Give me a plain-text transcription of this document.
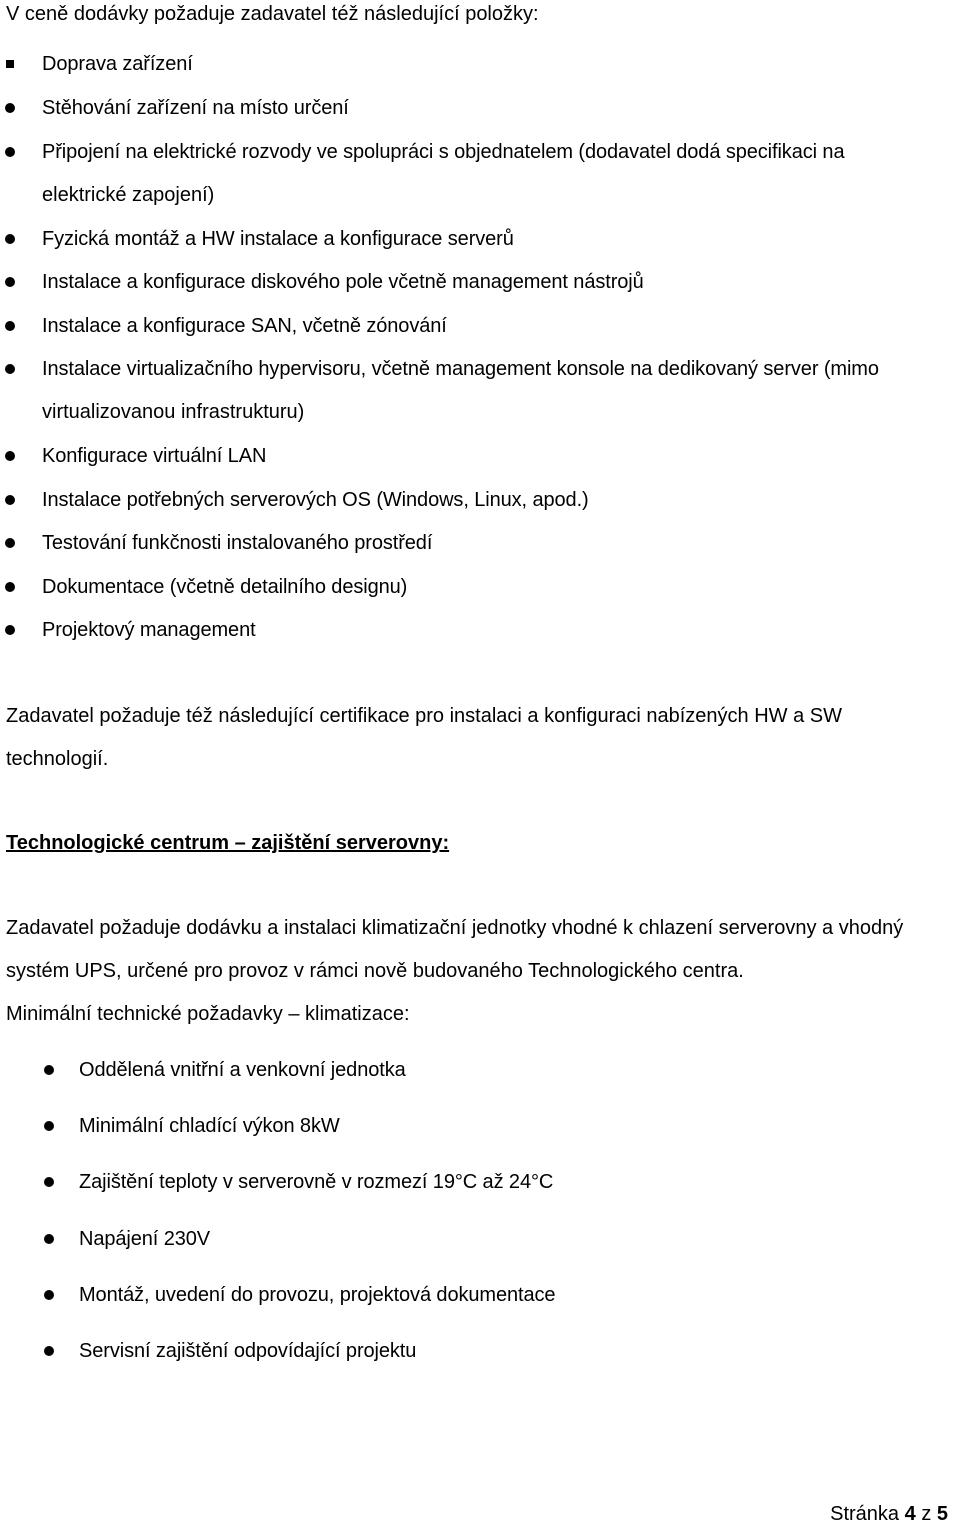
V ceně dodávky požaduje zadavatel též následující položky:
Doprava zařízení
Stěhování zařízení na místo určení
Připojení na elektrické rozvody ve spolupráci s objednatelem (dodavatel dodá specifikaci na
elektrické zapojení)
Fyzická montáž a HW instalace a konfigurace serverů
Instalace a konfigurace diskového pole včetně management nástrojů
Instalace a konfigurace SAN, včetně zónování
Instalace virtualizačního hypervisoru, včetně management konsole na dedikovaný server (mimo
virtualizovanou infrastrukturu)
Konfigurace virtuální LAN
Instalace potřebných serverových OS (Windows, Linux, apod.)
Testování funkčnosti instalovaného prostředí
Dokumentace (včetně detailního designu)
Projektový management
Zadavatel požaduje též následující certifikace pro instalaci a konfiguraci nabízených HW a SW
technologií.
Technologické centrum – zajištění serverovny:
Zadavatel požaduje dodávku a instalaci klimatizační jednotky vhodné k chlazení serverovny a vhodný
systém UPS, určené pro provoz v rámci nově budovaného Technologického centra.
Minimální technické požadavky – klimatizace:
Oddělená vnitřní a venkovní jednotka
Minimální chladící výkon 8kW
Zajištění teploty v serverovně v rozmezí 19°C až 24°C
Napájení 230V
Montáž, uvedení do provozu, projektová dokumentace
Servisní zajištění odpovídající projektu
Stránka 4 z 5
